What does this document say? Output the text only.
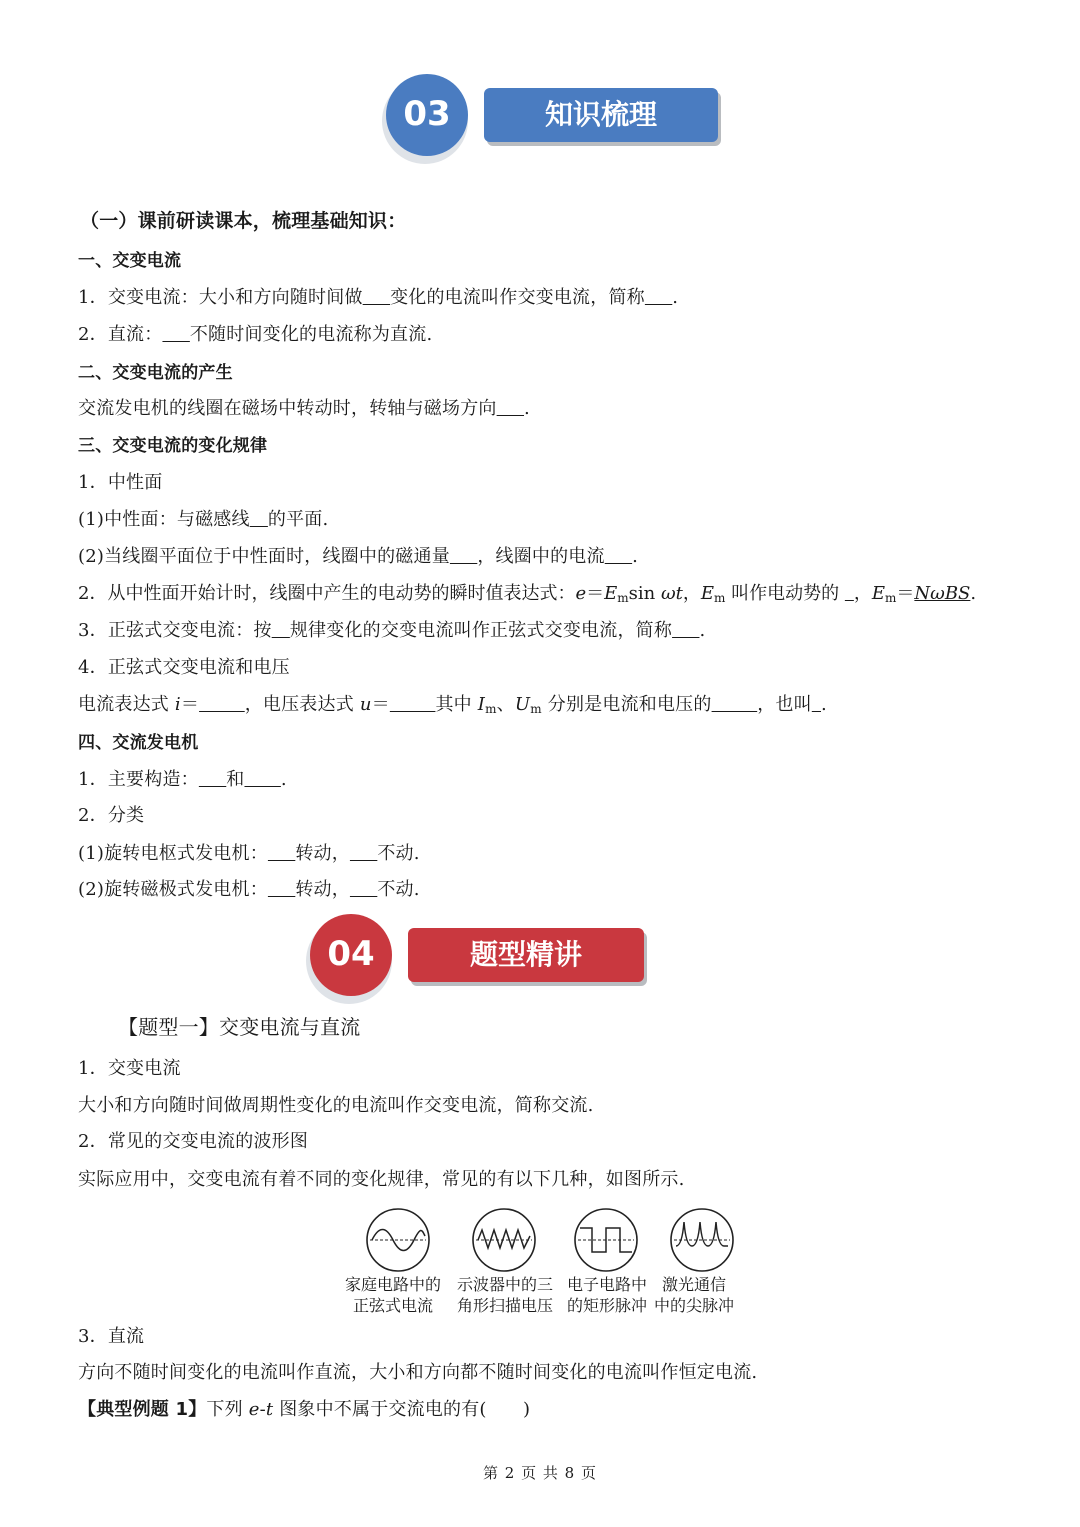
03	知识梳理
（一）课前研读课本，梳理基础知识：
一、交变电流
1．交变电流：大小和方向随时间做   变化的电流叫作交变电流，简称   .
2．直流：   不随时间变化的电流称为直流.
二、交变电流的产生
交流发电机的线圈在磁场中转动时，转轴与磁场方向   .
三、交变电流的变化规律
1．中性面
(1)中性面：与磁感线  的平面.
(2)当线圈平面位于中性面时，线圈中的磁通量   ，线圈中的电流   .
2．从中性面开始计时，线圈中产生的电动势的瞬时值表达式：$e=E_m\sin$ ωt，$E_m$ 叫作电动势的  ，$E_m=N\omega BS$.
3．正弦式交变电流：按  规律变化的交变电流叫作正弦式交变电流，简称   .
4．正弦式交变电流和电压
电流表达式 i＝   	，电压表达式 u＝   	其中 $I_m$、$U_m$ 分别是电流和电压的   	，也叫  .
四、交流发电机
1．主要构造：   和   .
2．分类
(1)旋转电枢式发电机：   转动，   不动.
(2)旋转磁极式发电机：   转动，   不动.
04	题型精讲
【题型一】交变电流与直流
1．交变电流
大小和方向随时间做周期性变化的电流叫作交变电流，简称交流.
2．常见的交变电流的波形图
实际应用中，交变电流有着不同的变化规律，常见的有以下几种，如图所示.
家庭电路中的
正弦式电流
示波器中的三
角形扫描电压
电子电路中
的矩形脉冲
激光通信
中的尖脉冲
3．直流
方向不随时间变化的电流叫作直流，大小和方向都不随时间变化的电流叫作恒定电流.
【典型例题 1】下列 e-t 图象中不属于交流电的有(　　)
第 2 页 共 8 页
